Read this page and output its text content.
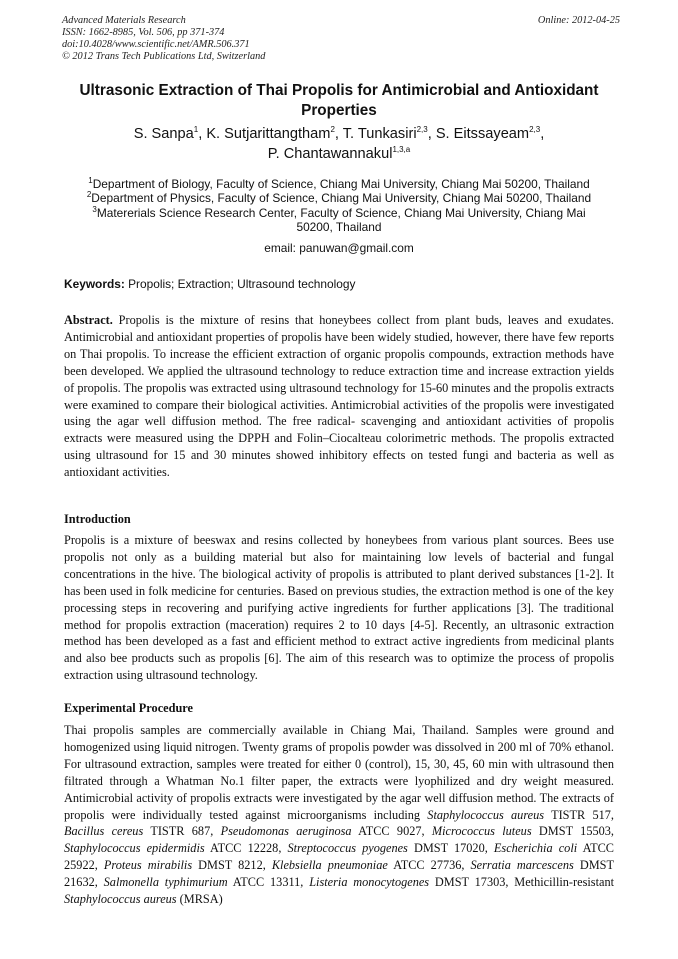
Advanced Materials Research
ISSN: 1662-8985, Vol. 506, pp 371-374
doi:10.4028/www.scientific.net/AMR.506.371
© 2012 Trans Tech Publications Ltd, Switzerland
Online: 2012-04-25
Ultrasonic Extraction of Thai Propolis for Antimicrobial and Antioxidant Properties
S. Sanpa$^1$, K. Sutjarittangtham$^2$, T. Tunkasiri$^{2,3}$, S. Eitssayeam$^{2,3}$,
P. Chantawannakul$^{1,3,a}$
$^1$Department of Biology, Faculty of Science, Chiang Mai University, Chiang Mai 50200, Thailand
$^2$Department of Physics, Faculty of Science, Chiang Mai University, Chiang Mai 50200, Thailand
$^3$Matererials Science Research Center, Faculty of Science, Chiang Mai University, Chiang Mai 50200, Thailand
email: panuwan@gmail.com
Keywords: Propolis; Extraction; Ultrasound technology
Abstract. Propolis is the mixture of resins that honeybees collect from plant buds, leaves and exudates. Antimicrobial and antioxidant properties of propolis have been widely studied, however, there have few reports on Thai propolis. To increase the efficient extraction of organic propolis compounds, extraction methods have been developed. We applied the ultrasound technology to reduce extraction time and increase extraction yields of propolis. The propolis was extracted using ultrasound technology for 15-60 minutes and the propolis extracts were examined to compare their biological activities. Antimicrobial activities of the propolis were investigated using the agar well diffusion method. The free radical- scavenging and antioxidant activities of propolis extracts were measured using the DPPH and Folin–Ciocalteau colorimetric methods. The propolis extracted using ultrasound for 15 and 30 minutes showed inhibitory effects on tested fungi and bacteria as well as antioxidant activities.
Introduction
Propolis is a mixture of beeswax and resins collected by honeybees from various plant sources. Bees use propolis not only as a building material but also for maintaining low levels of bacterial and fungal concentrations in the hive. The biological activity of propolis is attributed to plant derived substances [1-2]. It has been used in folk medicine for centuries. Based on previous studies, the extraction method is one of the key processing steps in recovering and purifying active ingredients for further applications [3]. The traditional method for propolis extraction (maceration) requires 2 to 10 days [4-5]. Recently, an ultrasonic extraction method has been developed as a fast and efficient method to extract active ingredients from medicinal plants and also bee products such as propolis [6]. The aim of this research was to optimize the process of propolis extraction using ultrasound technology.
Experimental Procedure
Thai propolis samples are commercially available in Chiang Mai, Thailand. Samples were ground and homogenized using liquid nitrogen. Twenty grams of propolis powder was dissolved in 200 ml of 70% ethanol. For ultrasound extraction, samples were treated for either 0 (control), 15, 30, 45, 60 min with ultrasound then filtrated through a Whatman No.1 filter paper, the extracts were lyophilized and dry weight measured. Antimicrobial activity of propolis extracts were investigated by the agar well diffusion method. The extracts of propolis were individually tested against microorganisms including Staphylococcus aureus TISTR 517, Bacillus cereus TISTR 687, Pseudomonas aeruginosa ATCC 9027, Micrococcus luteus DMST 15503, Staphylococcus epidermidis ATCC 12228, Streptococcus pyogenes DMST 17020, Escherichia coli ATCC 25922, Proteus mirabilis DMST 8212, Klebsiella pneumoniae ATCC 27736, Serratia marcescens DMST 21632, Salmonella typhimurium ATCC 13311, Listeria monocytogenes DMST 17303, Methicillin-resistant Staphylococcus aureus (MRSA)
